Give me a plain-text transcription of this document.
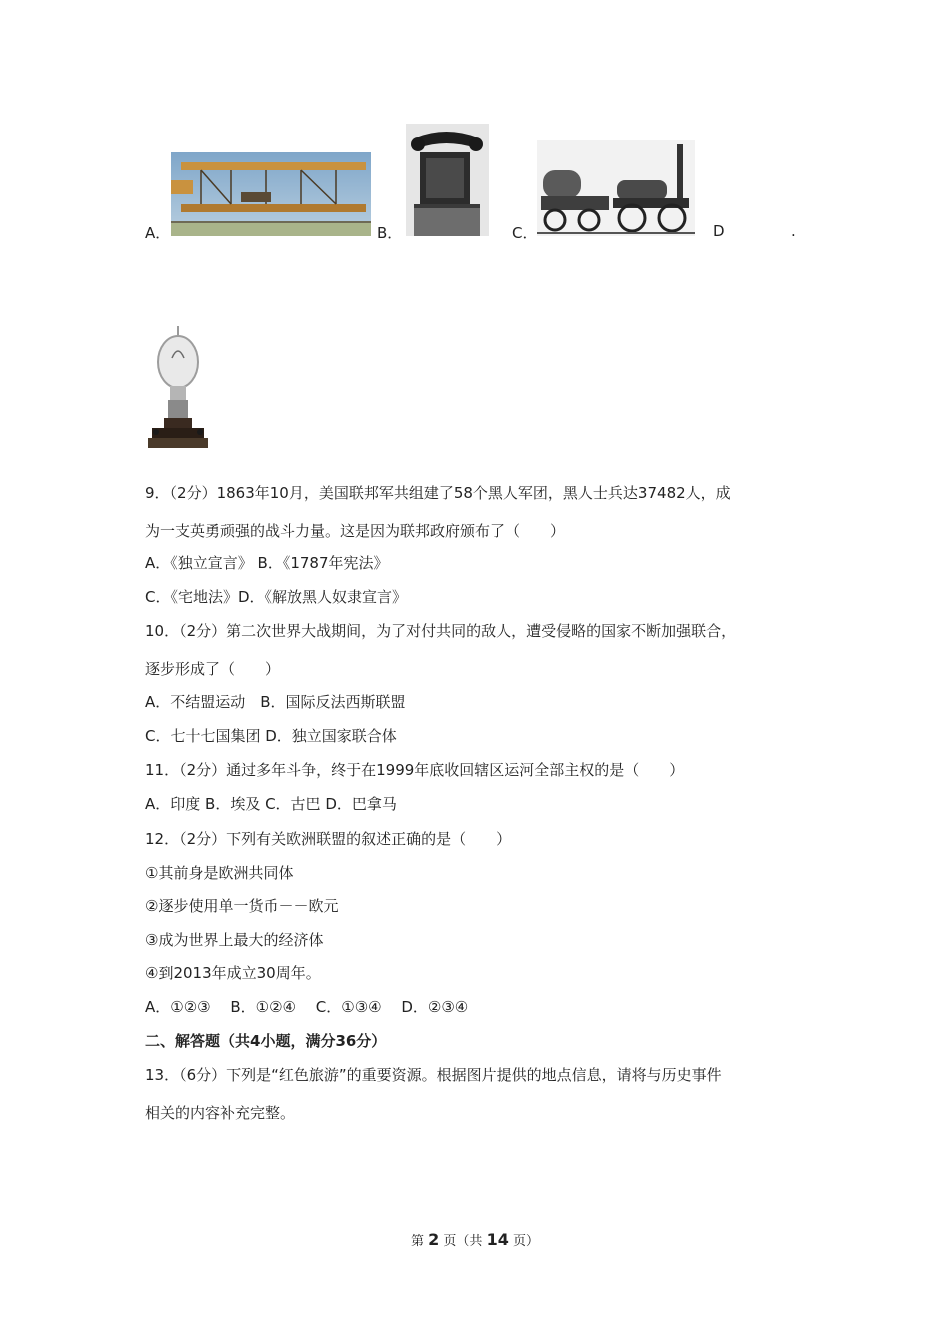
A．	B．	C．	D	.
9．（2分）1863年10月，美国联邦军共组建了58个黑人军团，黑人士兵达37482人，成
为一支英勇顽强的战斗力量。这是因为联邦政府颁布了（　　）
A．《独立宣言》 B．《1787年宪法》
C．《宅地法》D．《解放黑人奴隶宣言》
10．（2分）第二次世界大战期间，为了对付共同的敌人，遭受侵略的国家不断加强联合，
逐步形成了（　　）
A．不结盟运动　B．国际反法西斯联盟
C．七十七国集团 D．独立国家联合体
11．（2分）通过多年斗争，终于在1999年底收回辖区运河全部主权的是（　　）
A．印度 B．埃及 C．古巴 D．巴拿马
12．（2分）下列有关欧洲联盟的叙述正确的是（　　）
①其前身是欧洲共同体
②逐步使用单一货币－－欧元
③成为世界上最大的经济体
④到2013年成立30周年。
A．①②③　 B．①②④　 C．①③④　 D．②③④
二、解答题（共4小题，满分36分）
13．（6分）下列是“红色旅游”的重要资源。根据图片提供的地点信息，请将与历史事件
相关的内容补充完整。
第 2 页（共 14 页）
